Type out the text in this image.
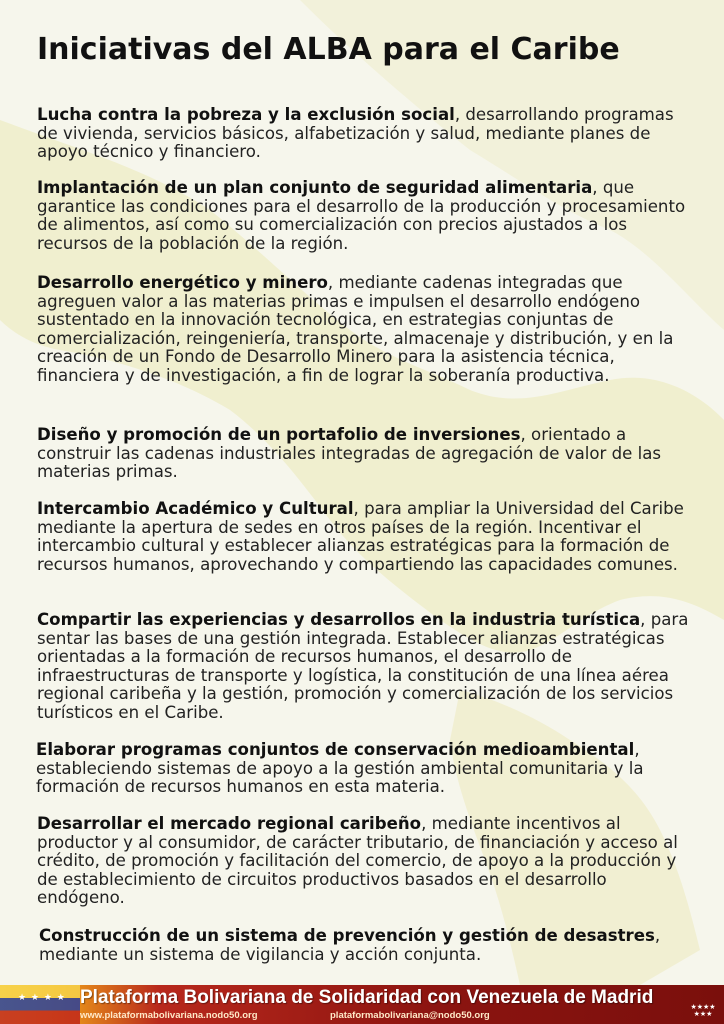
Iniciativas del ALBA para el Caribe

Lucha contra la pobreza y la exclusión social, desarrollando programas de vivienda, servicios básicos, alfabetización y salud, mediante planes de apoyo técnico y financiero.

Implantación de un plan conjunto de seguridad alimentaria, que garantice las condiciones para el desarrollo de la producción y procesamiento de alimentos, así como su comercialización con precios ajustados a los recursos de la población de la región.

Desarrollo energético y minero, mediante cadenas integradas que agreguen valor a las materias primas e impulsen el desarrollo endógeno sustentado en la innovación tecnológica, en estrategias conjuntas de comercialización, reingeniería, transporte, almacenaje y distribución, y en la creación de un Fondo de Desarrollo Minero para la asistencia técnica, financiera y de investigación, a fin de lograr la soberanía productiva.

Diseño y promoción de un portafolio de inversiones, orientado a construir las cadenas industriales integradas de agregación de valor de las materias primas.

Intercambio Académico y Cultural, para ampliar la Universidad del Caribe mediante la apertura de sedes en otros países de la región. Incentivar el intercambio cultural y establecer alianzas estratégicas para la formación de recursos humanos, aprovechando y compartiendo las capacidades comunes.

Compartir las experiencias y desarrollos en la industria turística, para sentar las bases de una gestión integrada. Establecer alianzas estratégicas orientadas a la formación de recursos humanos, el desarrollo de infraestructuras de transporte y logística, la constitución de una línea aérea regional caribeña y la gestión, promoción y comercialización de los servicios turísticos en el Caribe.

Elaborar programas conjuntos de conservación medioambiental, estableciendo sistemas de apoyo a la gestión ambiental comunitaria y la formación de recursos humanos en esta materia.

Desarrollar el mercado regional caribeño, mediante incentivos al productor y al consumidor, de carácter tributario, de financiación y acceso al crédito, de promoción y facilitación del comercio, de apoyo a la producción y de establecimiento de circuitos productivos basados en el desarrollo endógeno.

Construcción de un sistema de prevención y gestión de desastres, mediante un sistema de vigilancia y acción conjunta.

★ ★ ★ ★ Plataforma Bolivariana de Solidaridad con Venezuela de Madrid
www.plataformabolivariana.nodo50.org	plataformabolivariana@nodo50.org
★★★★
★★★
